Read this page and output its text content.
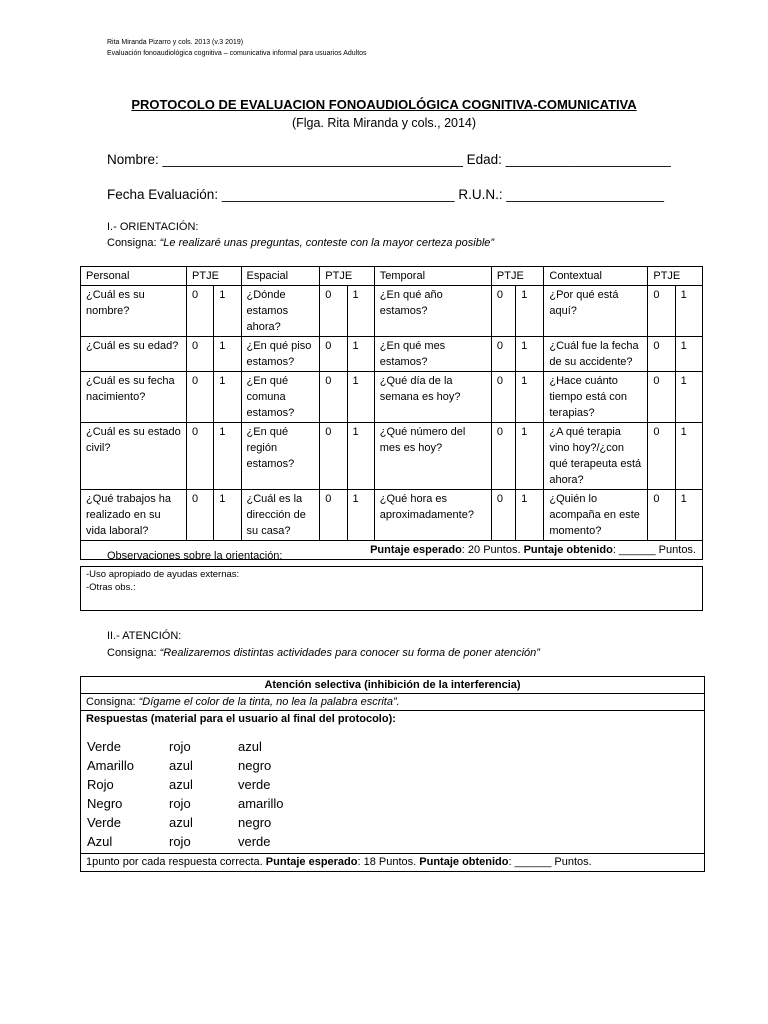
Rita Miranda Pizarro y cols. 2013 (v.3 2019)
Evaluación fonoaudiológica cognitiva – comunicativa informal para usuarios Adultos
PROTOCOLO DE EVALUACION FONOAUDIOLÓGICA COGNITIVA-COMUNICATIVA
(Flga. Rita Miranda y cols., 2014)
Nombre: ________________________________________ Edad: ______________________
Fecha Evaluación: _______________________________ R.U.N.: _____________________
I.- ORIENTACIÓN:
Consigna: “Le realizaré unas preguntas, conteste con la mayor certeza posible”
Personal	PTJE		Espacial	PTJE		Temporal	PTJE		Contextual	PTJE	
¿Cuál es su nombre?	0	1	¿Dónde estamos ahora?	0	1	¿En qué año estamos?	0	1	¿Por qué está aquí?	0	1
¿Cuál es su edad?	0	1	¿En qué piso estamos?	0	1	¿En qué mes estamos?	0	1	¿Cuál fue la fecha de su accidente?	0	1
¿Cuál es su fecha nacimiento?	0	1	¿En qué comuna estamos?	0	1	¿Qué día de la semana es hoy?	0	1	¿Hace cuánto tiempo está con terapias?	0	1
¿Cuál es su estado civil?	0	1	¿En qué región estamos?	0	1	¿Qué número del mes es hoy?	0	1	¿A qué terapia vino hoy?/¿con qué terapeuta está ahora?	0	1
¿Qué trabajos ha realizado en su vida laboral?	0	1	¿Cuál es la dirección de su casa?	0	1	¿Qué hora es aproximadamente?	0	1	¿Quién lo acompaña en este momento?	0	1
Puntaje esperado: 20 Puntos. Puntaje obtenido: ______ Puntos.											
Observaciones sobre la orientación:
-Uso apropiado de ayudas externas:
-Otras obs.:
II.- ATENCIÓN:
Consigna: “Realizaremos distintas actividades para conocer su forma de poner atención”
Atención selectiva (inhibición de la interferencia)
Consigna: “Dígame el color de la tinta, no lea la palabra escrita”.
Respuestas (material para el usuario al final del protocolo):
Verde	rojo	azul
Amarillo	azul	negro
Rojo	azul	verde
Negro	rojo	amarillo
Verde	azul	negro
Azul	rojo	verde
1punto por cada respuesta correcta. Puntaje esperado: 18 Puntos. Puntaje obtenido: ______ Puntos.
